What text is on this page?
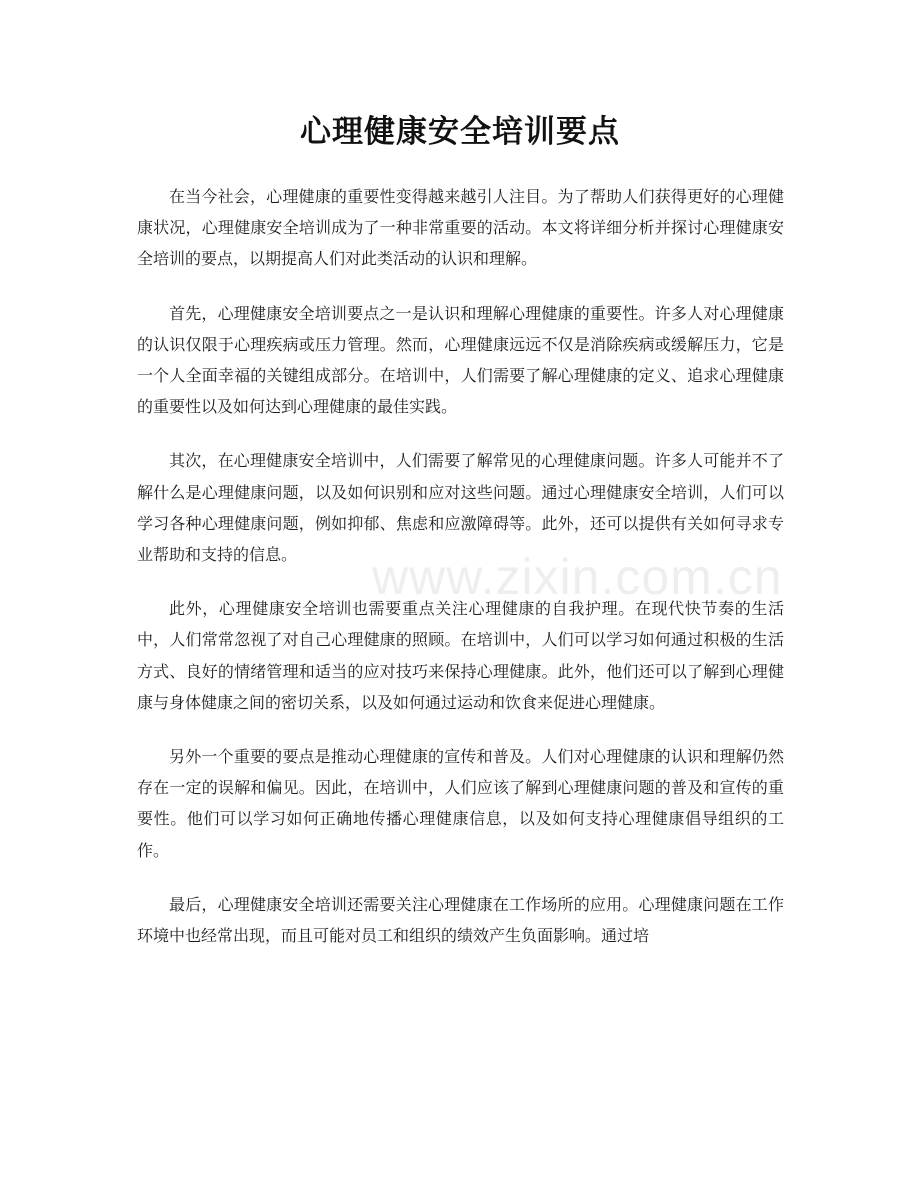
心理健康安全培训要点

在当今社会，心理健康的重要性变得越来越引人注目。为了帮助人们获得更好的心理健康状况，心理健康安全培训成为了一种非常重要的活动。本文将详细分析并探讨心理健康安全培训的要点，以期提高人们对此类活动的认识和理解。

首先，心理健康安全培训要点之一是认识和理解心理健康的重要性。许多人对心理健康的认识仅限于心理疾病或压力管理。然而，心理健康远远不仅是消除疾病或缓解压力，它是一个人全面幸福的关键组成部分。在培训中，人们需要了解心理健康的定义、追求心理健康的重要性以及如何达到心理健康的最佳实践。

其次，在心理健康安全培训中，人们需要了解常见的心理健康问题。许多人可能并不了解什么是心理健康问题，以及如何识别和应对这些问题。通过心理健康安全培训，人们可以学习各种心理健康问题，例如抑郁、焦虑和应激障碍等。此外，还可以提供有关如何寻求专业帮助和支持的信息。

此外，心理健康安全培训也需要重点关注心理健康的自我护理。在现代快节奏的生活中，人们常常忽视了对自己心理健康的照顾。在培训中，人们可以学习如何通过积极的生活方式、良好的情绪管理和适当的应对技巧来保持心理健康。此外，他们还可以了解到心理健康与身体健康之间的密切关系，以及如何通过运动和饮食来促进心理健康。

另外一个重要的要点是推动心理健康的宣传和普及。人们对心理健康的认识和理解仍然存在一定的误解和偏见。因此，在培训中，人们应该了解到心理健康问题的普及和宣传的重要性。他们可以学习如何正确地传播心理健康信息，以及如何支持心理健康倡导组织的工作。

最后，心理健康安全培训还需要关注心理健康在工作场所的应用。心理健康问题在工作环境中也经常出现，而且可能对员工和组织的绩效产生负面影响。通过培

www.zixin.com.cn
